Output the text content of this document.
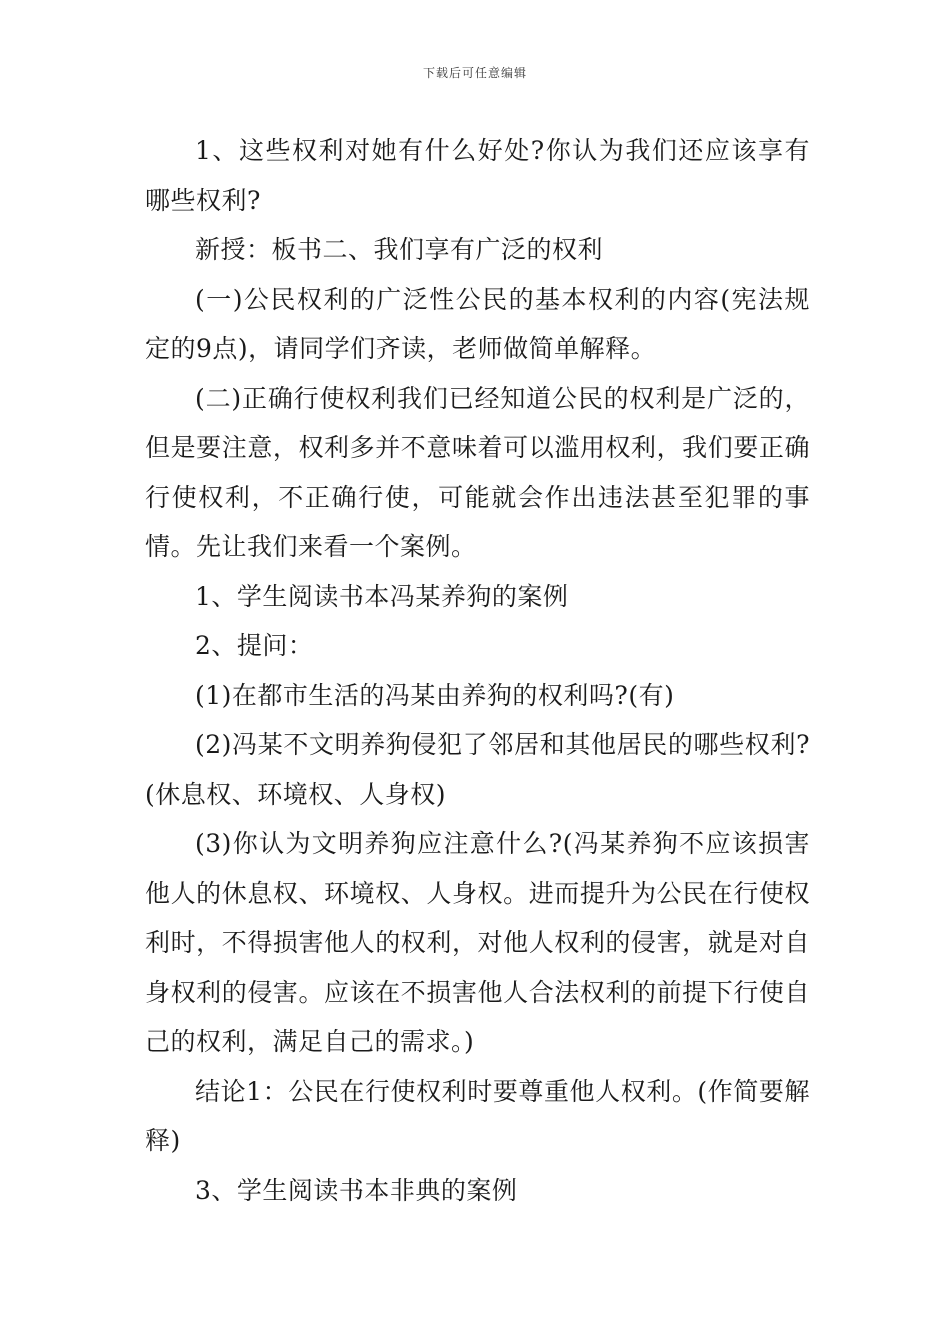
下载后可任意编辑

1、这些权利对她有什么好处?你认为我们还应该享有哪些权利?

新授：板书二、我们享有广泛的权利

(一)公民权利的广泛性公民的基本权利的内容(宪法规定的9点)，请同学们齐读，老师做简单解释。

(二)正确行使权利我们已经知道公民的权利是广泛的，但是要注意，权利多并不意味着可以滥用权利，我们要正确行使权利，不正确行使，可能就会作出违法甚至犯罪的事情。先让我们来看一个案例。

1、学生阅读书本冯某养狗的案例

2、提问：

(1)在都市生活的冯某由养狗的权利吗?(有)

(2)冯某不文明养狗侵犯了邻居和其他居民的哪些权利?(休息权、环境权、人身权)

(3)你认为文明养狗应注意什么?(冯某养狗不应该损害他人的休息权、环境权、人身权。进而提升为公民在行使权利时，不得损害他人的权利，对他人权利的侵害，就是对自身权利的侵害。应该在不损害他人合法权利的前提下行使自己的权利，满足自己的需求。)

结论1：公民在行使权利时要尊重他人权利。(作简要解释)

3、学生阅读书本非典的案例
